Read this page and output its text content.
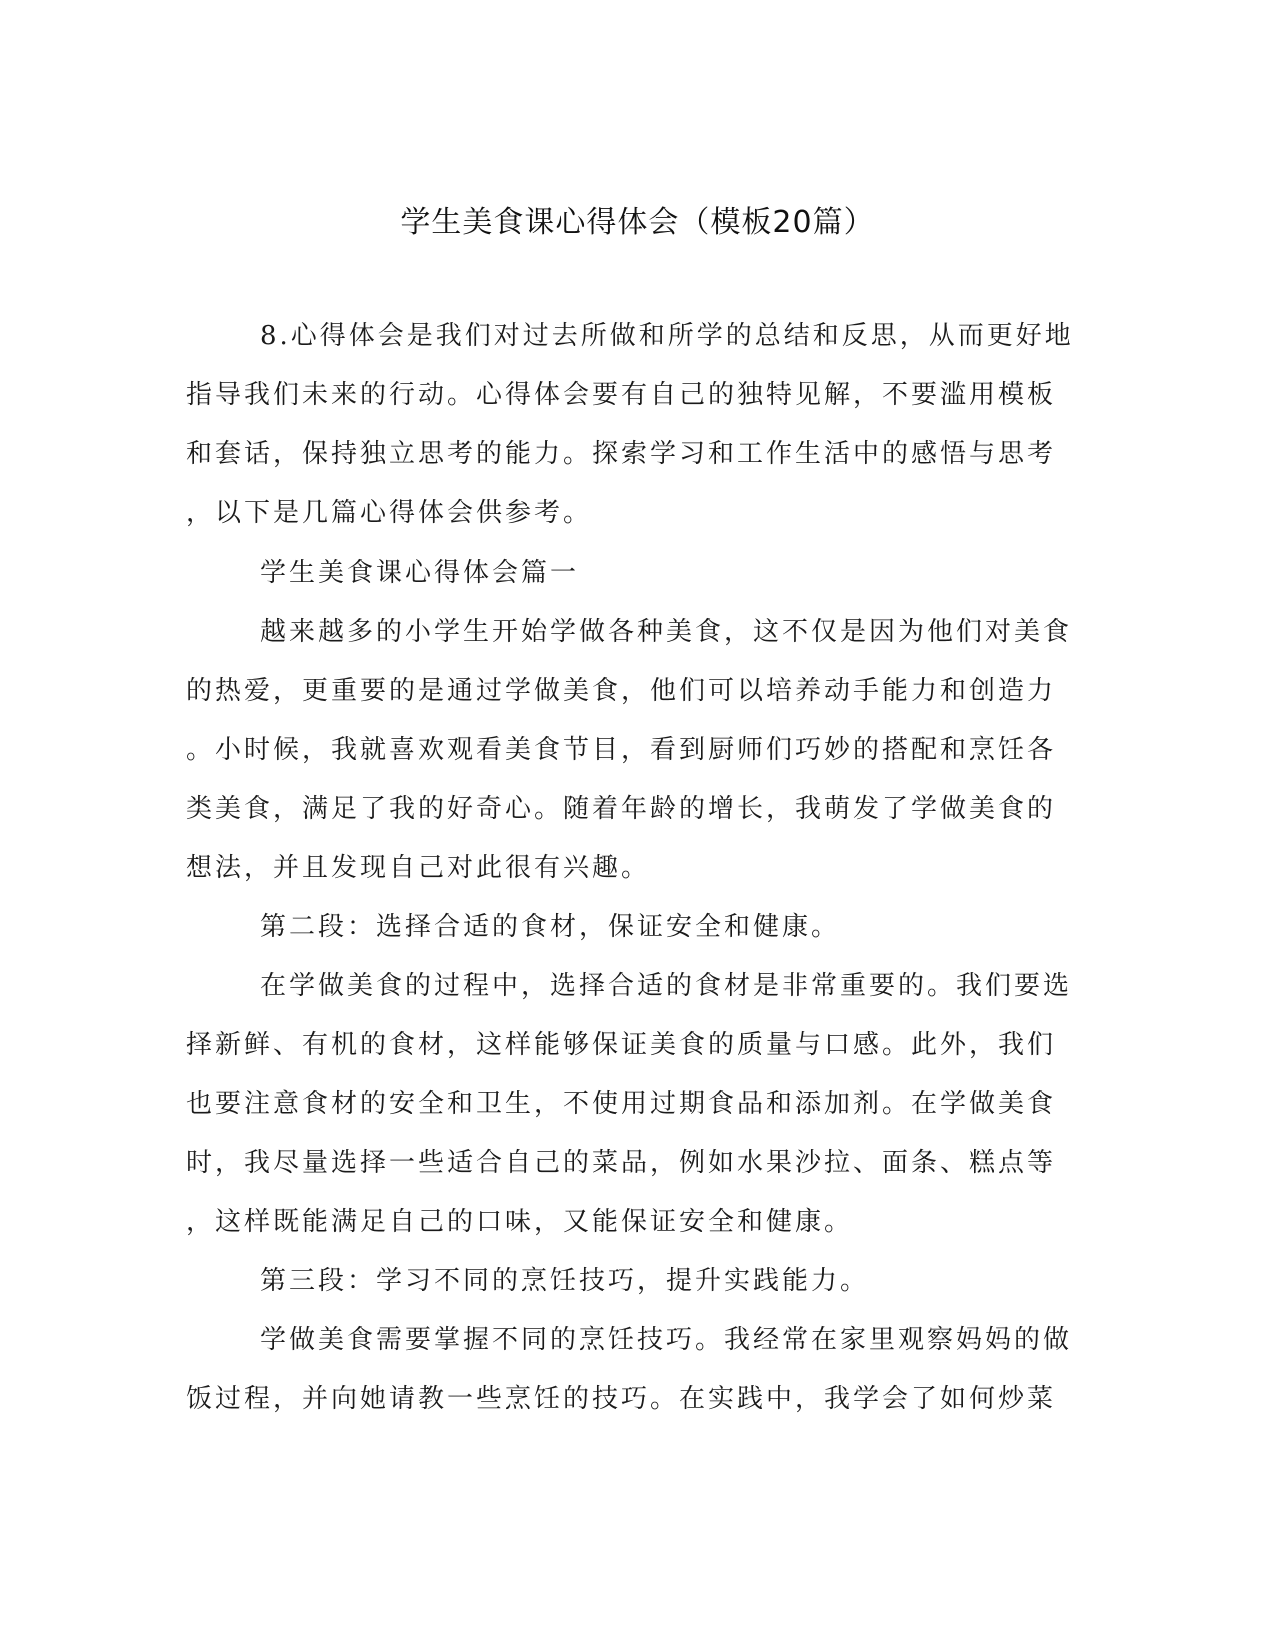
学生美食课心得体会（模板20篇）
8.心得体会是我们对过去所做和所学的总结和反思，从而更好地
指导我们未来的行动。心得体会要有自己的独特见解，不要滥用模板
和套话，保持独立思考的能力。探索学习和工作生活中的感悟与思考
，以下是几篇心得体会供参考。
学生美食课心得体会篇一
越来越多的小学生开始学做各种美食，这不仅是因为他们对美食
的热爱，更重要的是通过学做美食，他们可以培养动手能力和创造力
。小时候，我就喜欢观看美食节目，看到厨师们巧妙的搭配和烹饪各
类美食，满足了我的好奇心。随着年龄的增长，我萌发了学做美食的
想法，并且发现自己对此很有兴趣。
第二段：选择合适的食材，保证安全和健康。
在学做美食的过程中，选择合适的食材是非常重要的。我们要选
择新鲜、有机的食材，这样能够保证美食的质量与口感。此外，我们
也要注意食材的安全和卫生，不使用过期食品和添加剂。在学做美食
时，我尽量选择一些适合自己的菜品，例如水果沙拉、面条、糕点等
，这样既能满足自己的口味，又能保证安全和健康。
第三段：学习不同的烹饪技巧，提升实践能力。
学做美食需要掌握不同的烹饪技巧。我经常在家里观察妈妈的做
饭过程，并向她请教一些烹饪的技巧。在实践中，我学会了如何炒菜
